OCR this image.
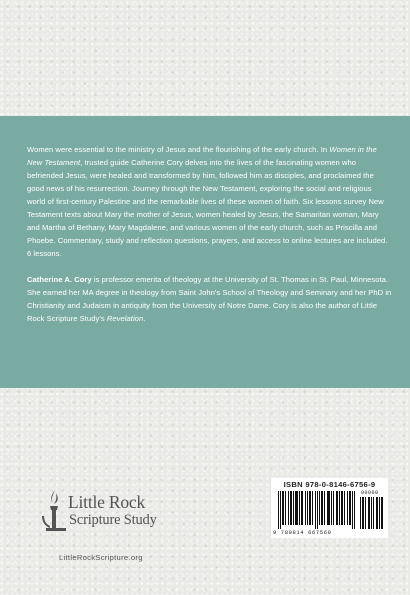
Women were essential to the ministry of Jesus and the flourishing of the early church. In Women in the New Testament, trusted guide Catherine Cory delves into the lives of the fascinating women who befriended Jesus, were healed and transformed by him, followed him as disciples, and proclaimed the good news of his resurrection. Journey through the New Testament, exploring the social and religious world of first-century Palestine and the remarkable lives of these women of faith. Six lessons survey New Testament texts about Mary the mother of Jesus, women healed by Jesus, the Samaritan woman, Mary and Martha of Bethany, Mary Magdalene, and various women of the early church, such as Priscilla and Phoebe. Commentary, study and reflection questions, prayers, and access to online lectures are included. 6 lessons.

Catherine A. Cory is professor emerita of theology at the University of St. Thomas in St. Paul, Minnesota. She earned her MA degree in theology from Saint John's School of Theology and Seminary and her PhD in Christianity and Judaism in antiquity from the University of Notre Dame. Cory is also the author of Little Rock Scripture Study's Revelation.

Little Rock
Scripture Study
LittleRockScripture.org
ISBN 978-0-8146-6756-9
90000
9 780814 667569
